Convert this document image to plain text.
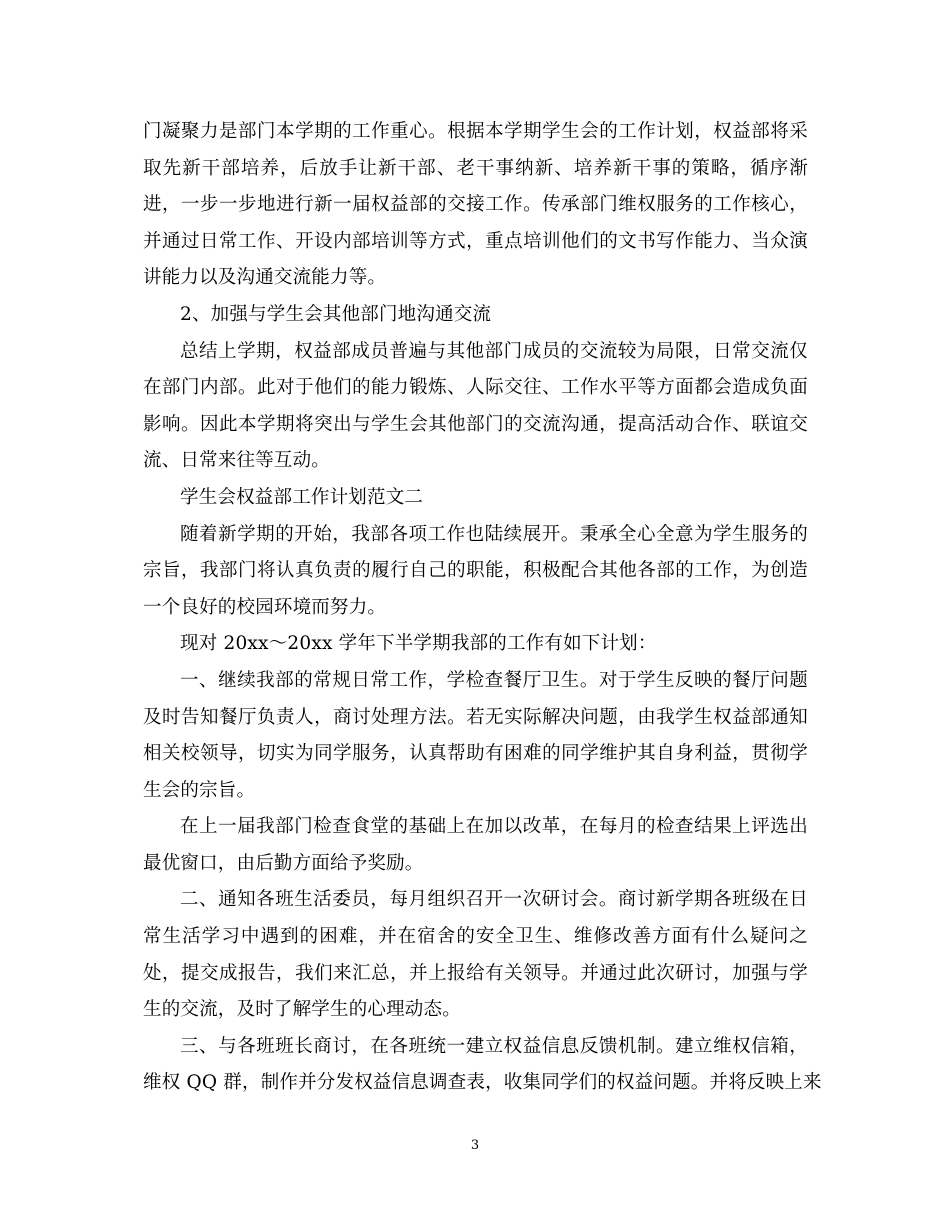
门凝聚力是部门本学期的工作重心。根据本学期学生会的工作计划，权益部将采
取先新干部培养，后放手让新干部、老干事纳新、培养新干事的策略，循序渐
进，一步一步地进行新一届权益部的交接工作。传承部门维权服务的工作核心，
并通过日常工作、开设内部培训等方式，重点培训他们的文书写作能力、当众演
讲能力以及沟通交流能力等。
2、加强与学生会其他部门地沟通交流
总结上学期，权益部成员普遍与其他部门成员的交流较为局限，日常交流仅
在部门内部。此对于他们的能力锻炼、人际交往、工作水平等方面都会造成负面
影响。因此本学期将突出与学生会其他部门的交流沟通，提高活动合作、联谊交
流、日常来往等互动。
学生会权益部工作计划范文二
随着新学期的开始，我部各项工作也陆续展开。秉承全心全意为学生服务的
宗旨，我部门将认真负责的履行自己的职能，积极配合其他各部的工作，为创造
一个良好的校园环境而努力。
现对 20xx～20xx 学年下半学期我部的工作有如下计划：
一、继续我部的常规日常工作，学检查餐厅卫生。对于学生反映的餐厅问题
及时告知餐厅负责人，商讨处理方法。若无实际解决问题，由我学生权益部通知
相关校领导，切实为同学服务，认真帮助有困难的同学维护其自身利益，贯彻学
生会的宗旨。
在上一届我部门检查食堂的基础上在加以改革，在每月的检查结果上评选出
最优窗口，由后勤方面给予奖励。
二、通知各班生活委员，每月组织召开一次研讨会。商讨新学期各班级在日
常生活学习中遇到的困难，并在宿舍的安全卫生、维修改善方面有什么疑问之
处，提交成报告，我们来汇总，并上报给有关领导。并通过此次研讨，加强与学
生的交流，及时了解学生的心理动态。
三、与各班班长商讨，在各班统一建立权益信息反馈机制。建立维权信箱，
维权 QQ 群，制作并分发权益信息调查表，收集同学们的权益问题。并将反映上来
3
